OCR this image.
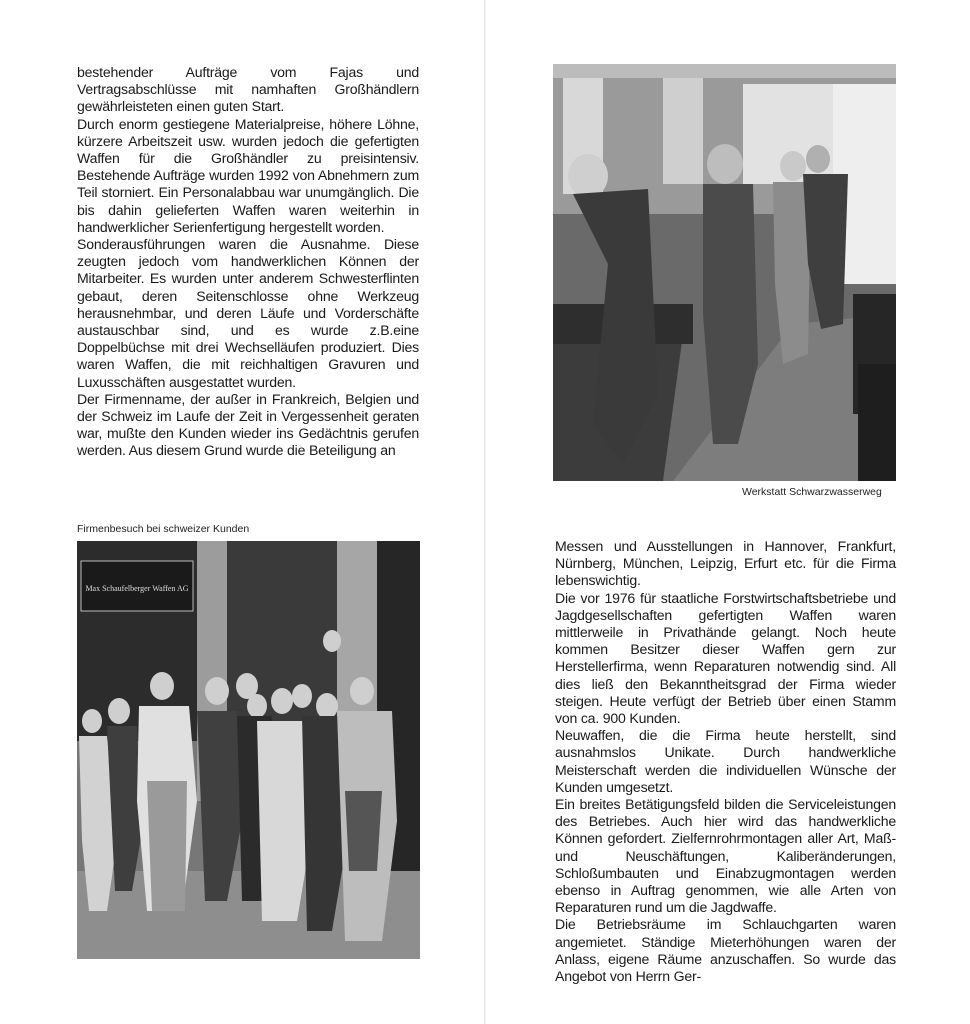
bestehender Aufträge vom Fajas und Vertragsabschlüsse mit namhaften Großhändlern gewährleisteten einen guten Start.

Durch enorm gestiegene Materialpreise, höhere Löhne, kürzere Arbeitszeit usw. wurden jedoch die gefertigten Waffen für die Großhändler zu preisintensiv. Bestehende Aufträge wurden 1992 von Abnehmern zum Teil storniert. Ein Personalabbau war unumgänglich. Die bis dahin gelieferten Waffen waren weiterhin in handwerklicher Serienfertigung hergestellt worden.

Sonderausführungen waren die Ausnahme. Diese zeugten jedoch vom handwerklichen Können der Mitarbeiter. Es wurden unter anderem Schwesterflinten gebaut, deren Seitenschlosse ohne Werkzeug herausnehmbar, und deren Läufe und Vorderschäfte austauschbar sind, und es wurde z.B.eine Doppelbüchse mit drei Wechselläufen produziert. Dies waren Waffen, die mit reichhaltigen Gravuren und Luxusschäften ausgestattet wurden.

Der Firmenname, der außer in Frankreich, Belgien und der Schweiz im Laufe der Zeit in Vergessenheit geraten war, mußte den Kunden wieder ins Gedächtnis gerufen werden. Aus diesem Grund wurde die Beteiligung an

Werkstatt Schwarzwasserweg
Firmenbesuch bei schweizer Kunden
Max Schaufelberger Waffen AG

Messen und Ausstellungen in Hannover, Frankfurt, Nürnberg, München, Leipzig, Erfurt etc. für die Firma lebenswichtig.

Die vor 1976 für staatliche Forstwirtschaftsbetriebe und Jagdgesellschaften gefertigten Waffen waren mittlerweile in Privathände gelangt. Noch heute kommen Besitzer dieser Waffen gern zur Herstellerfirma, wenn Reparaturen notwendig sind. All dies ließ den Bekanntheitsgrad der Firma wieder steigen. Heute verfügt der Betrieb über einen Stamm von ca. 900 Kunden.

Neuwaffen, die die Firma heute herstellt, sind ausnahmslos Unikate. Durch handwerkliche Meisterschaft werden die individuellen Wünsche der Kunden umgesetzt.

Ein breites Betätigungsfeld bilden die Serviceleistungen des Betriebes. Auch hier wird das handwerkliche Können gefordert. Zielfernrohrmontagen aller Art, Maß- und Neuschäftungen, Kaliberänderungen, Schloßumbauten und Einabzugmontagen werden ebenso in Auftrag genommen, wie alle Arten von Reparaturen rund um die Jagdwaffe.

Die Betriebsräume im Schlauchgarten waren angemietet. Ständige Mieterhöhungen waren der Anlass, eigene Räume anzuschaffen. So wurde das Angebot von Herrn Ger-
